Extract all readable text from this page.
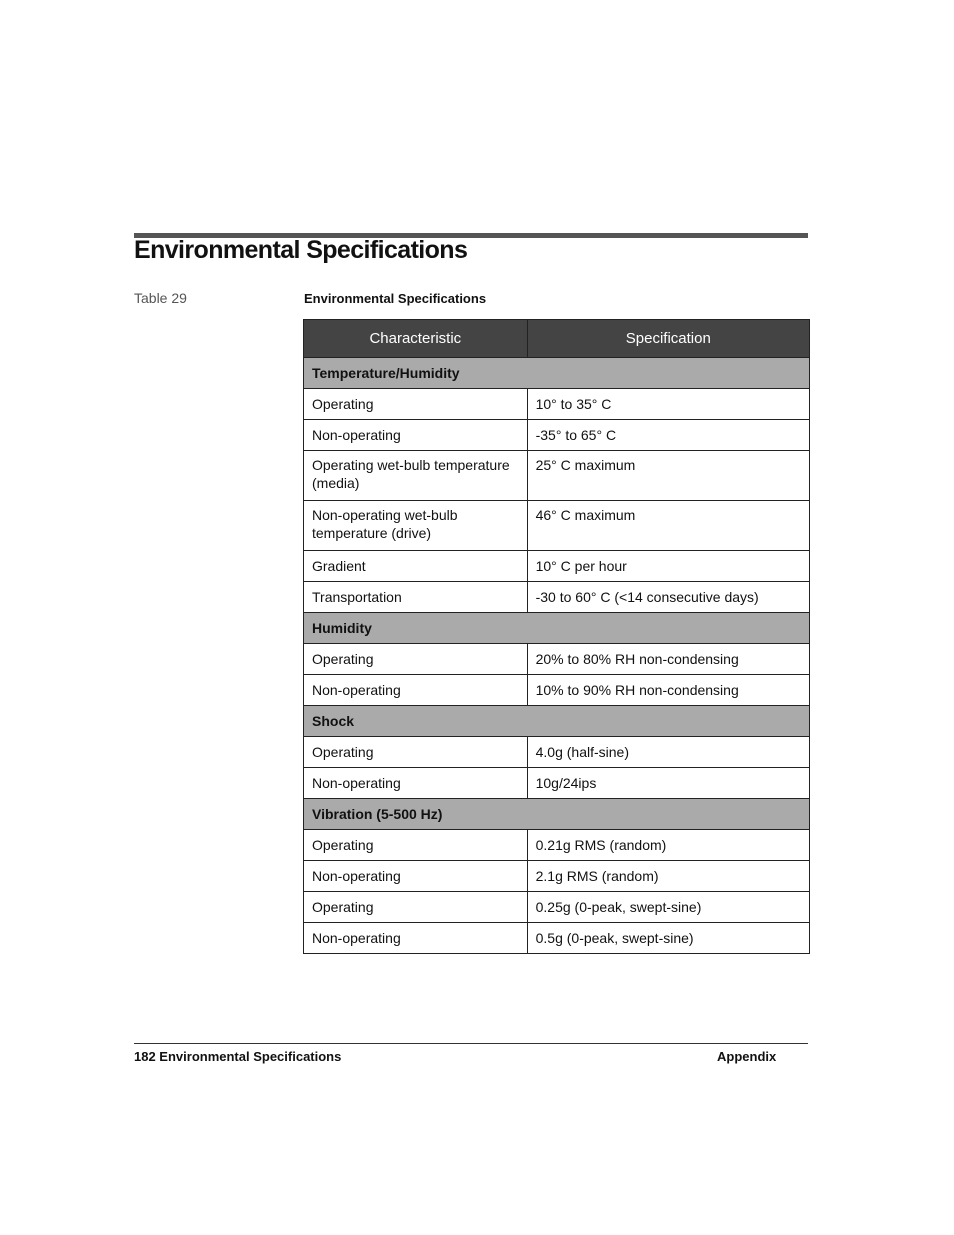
Environmental Specifications
Table 29	Environmental Specifications
Characteristic	Specification
Temperature/Humidity	
Operating	10° to 35° C
Non-operating	-35° to 65° C
Operating wet-bulb temperature (media)	25° C maximum
Non-operating wet-bulb temperature (drive)	46° C maximum
Gradient	10° C per hour
Transportation	-30 to 60° C (<14 consecutive days)
Humidity	
Operating	20% to 80% RH non-condensing
Non-operating	10% to 90% RH non-condensing
Shock	
Operating	4.0g (half-sine)
Non-operating	10g/24ips
Vibration (5-500 Hz)	
Operating	0.21g RMS (random)
Non-operating	2.1g RMS (random)
Operating	0.25g (0-peak, swept-sine)
Non-operating	0.5g (0-peak, swept-sine)
182 Environmental Specifications	Appendix
